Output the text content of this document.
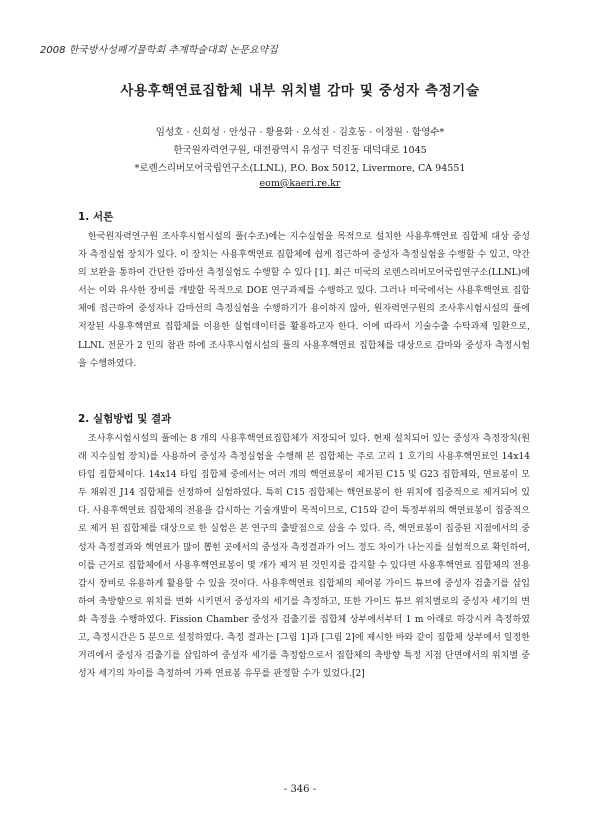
2008 한국방사성폐기물학회 추계학술대회 논문요약집
사용후핵연료집합체 내부 위치별 감마 및 중성자 측정기술
임성호 · 신희성 · 안성규 · 황용화 · 오석진 · 김호동 · 이정원 · 함영수*
한국원자력연구원, 대전광역시 유성구 덕진동 대덕대로 1045
*로렌스리버모어국립연구소(LLNL), P.O. Box 5012, Livermore, CA 94551
eom@kaeri.re.kr
1. 서론
한국원자력연구원 조사후시험시설의 풀(수조)에는 지수실험을 목적으로 설치한 사용후핵연료 집합체 대상 중성자 측정실험 장치가 있다. 이 장치는 사용후핵연료 집합체에 쉽게 접근하여 중성자 측정실험을 수행할 수 있고, 약간의 보완을 통하여 간단한 감마선 측정실험도 수행할 수 있다 [1]. 최근 미국의 로렌스리버모어국립연구소(LLNL)에서는 이와 유사한 장비를 개발할 목적으로 DOE 연구과제를 수행하고 있다. 그러나 미국에서는 사용후핵연료 집합체에 접근하여 중성자나 감마선의 측정실험을 수행하기가 용이하지 않아, 원자력연구원의 조사후시험시설의 풀에 저장된 사용후핵연료 집합체를 이용한 실험데이터를 활용하고자 한다. 이에 따라서 기술수출 수탁과제 일환으로, LLNL 전문가 2 인의 참관 하에 조사후시험시설의 풀의 사용후핵연료 집합체를 대상으로 감마와 중성자 측정시험을 수행하였다.
2. 실험방법 및 결과
조사후시험시설의 풀에는 8 개의 사용후핵연료집합체가 저장되어 있다. 현재 설치되어 있는 중성자 측정장치(원래 지수실험 장치)를 사용하여 중성자 측정실험을 수행해 본 집합체는 주로 고리 1 호기의 사용후핵연료인 14x14 타입 집합체이다. 14x14 타입 집합체 중에서는 여러 개의 핵연료봉이 제거된 C15 및 G23 집합체와, 연료봉이 모두 채워진 J14 집합체를 선정하여 실험하였다. 특히 C15 집합체는 핵연료봉이 한 위치에 집중적으로 제거되어 있다. 사용후핵연료 집합체의 전용을 감시하는 기술개발이 목적이므로, C15와 같이 특정부위의 핵연료봉이 집중적으로 제거 된 집합체를 대상으로 한 실험은 본 연구의 출발점으로 삼을 수 있다. 즉, 핵연료봉이 집중된 지점에서의 중성자 측정결과와 핵연료가 많이 뽑힌 곳에서의 중성자 측정결과가 어느 정도 차이가 나는지를 실험적으로 확인하여, 이를 근거로 집합체에서 사용후핵연료봉이 몇 개가 제거 된 것인지를 감지할 수 있다면 사용후핵연료 집합체의 전용감시 장비로 유용하게 활용할 수 있을 것이다. 사용후핵연료 집합체의 제어봉 가이드 튜브에 중성자 검출기를 삽입하여 축방향으로 위치를 변화 시키면서 중성자의 세기를 측정하고, 또한 가이드 튜브 위치별로의 중성자 세기의 변화 측정을 수행하였다. Fission Chamber 중성자 검출기를 집합체 상부에서부터 1 m 아래로 하강시켜 측정하였고, 측정시간은 5 분으로 설정하였다. 측정 결과는 [그림 1]과 [그림 2]에 제시한 바와 같이 집합체 상부에서 일정한 거리에서 중성자 검출기를 삽입하여 중성자 세기를 측정함으로서 집합체의 축방향 특정 지점 단면에서의 위치별 중성자 세기의 차이를 측정하여 가짜 연료봉 유무를 판정할 수가 있었다.[2]
- 346 -
